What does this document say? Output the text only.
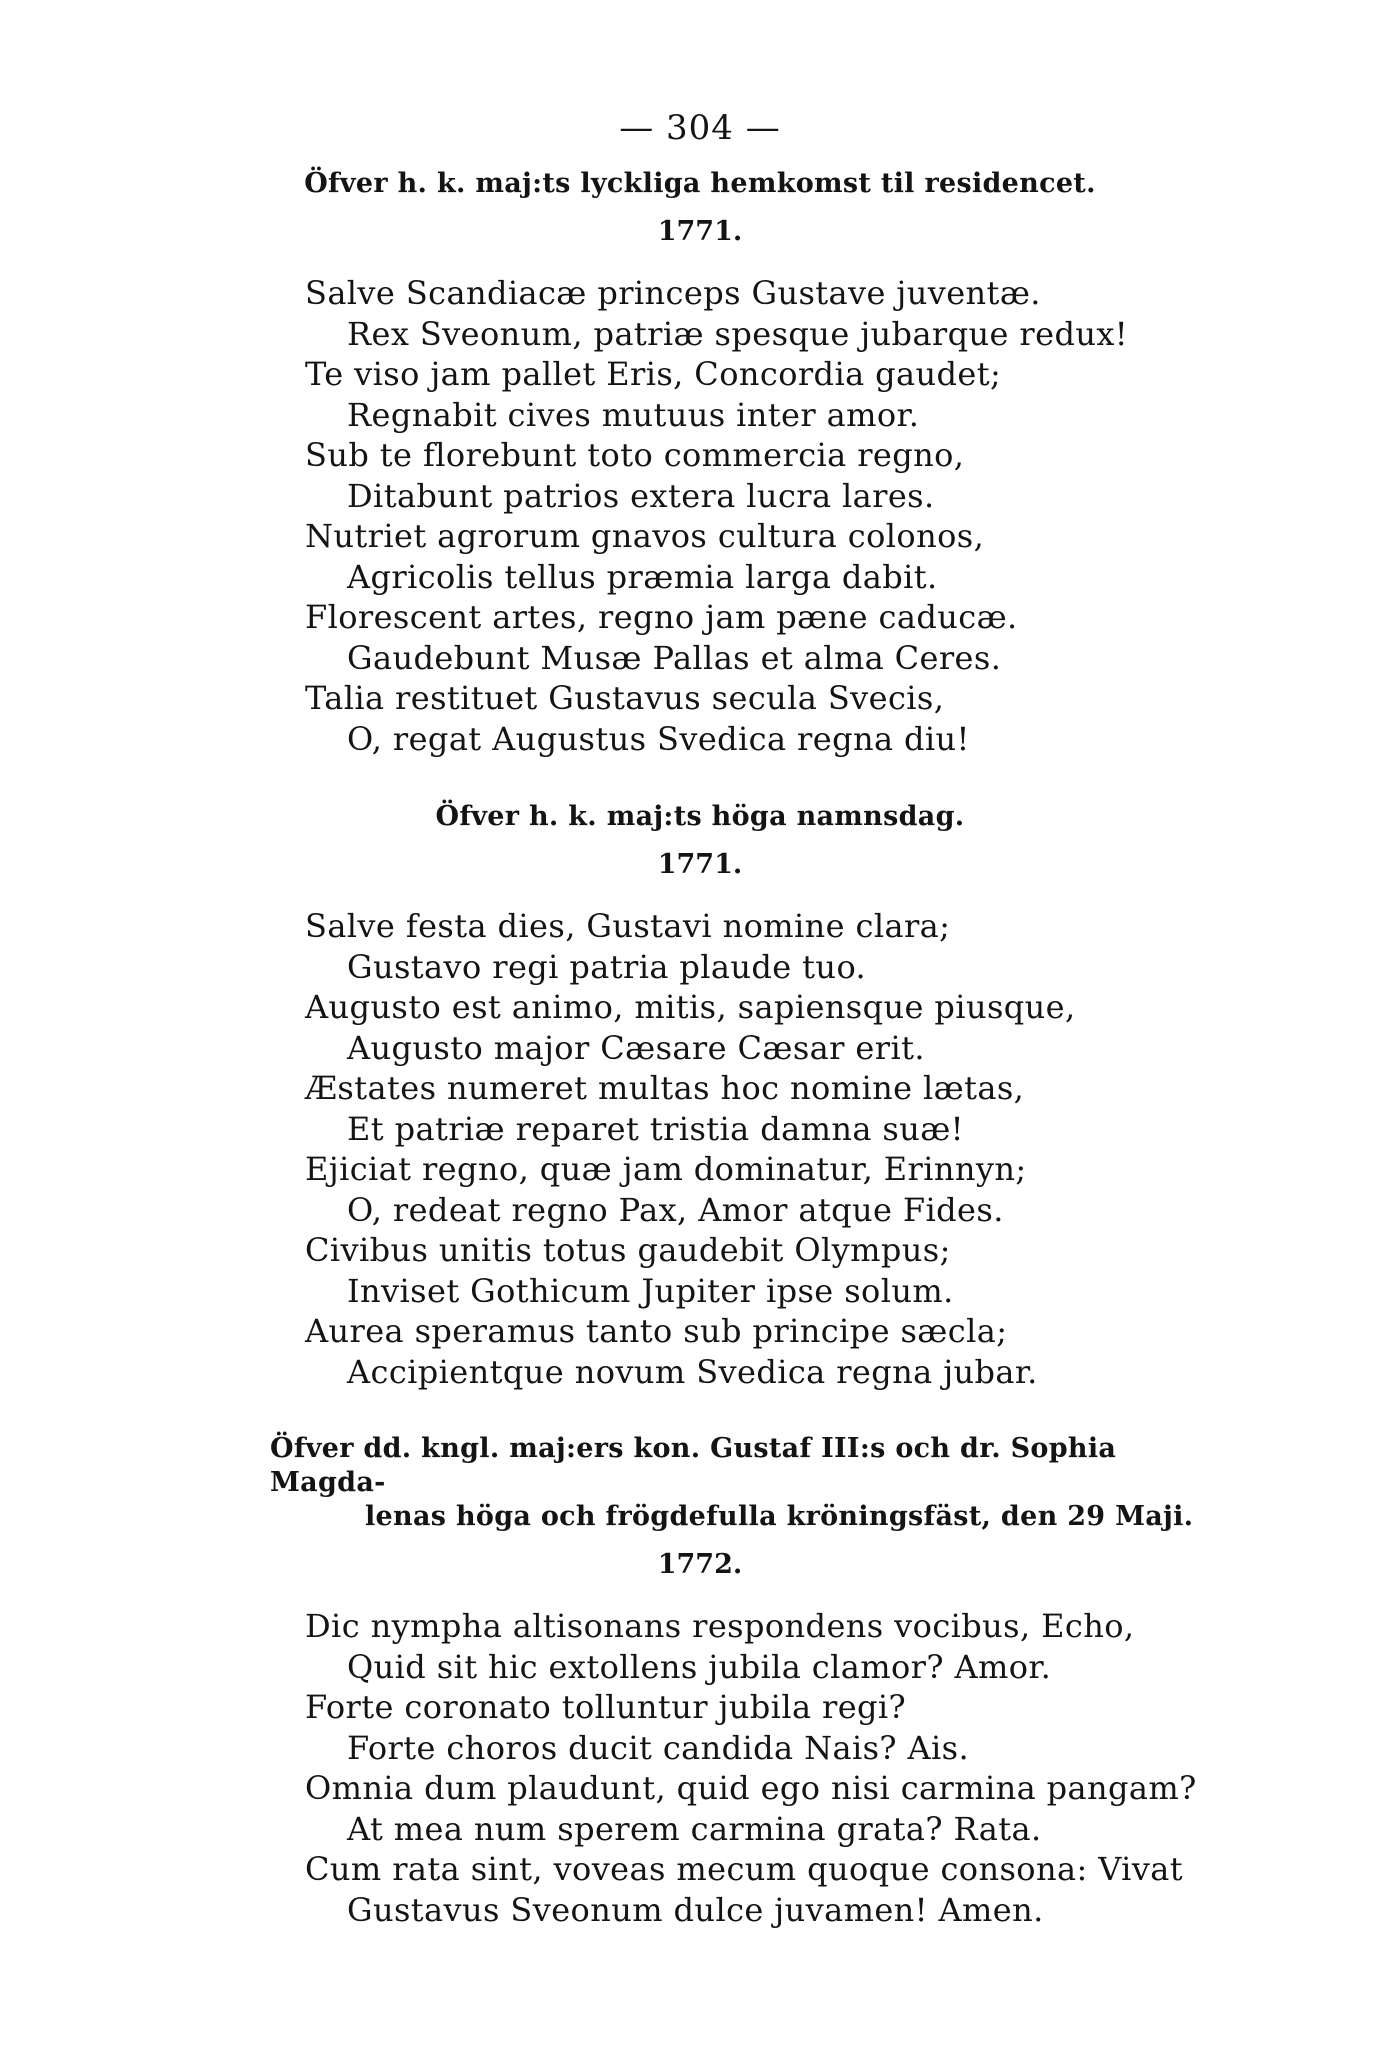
— 304 —
Öfver h. k. maj:ts lyckliga hemkomst til residencet.
1771.
Salve Scandiacæ princeps Gustave juventæ.
Rex Sveonum, patriæ spesque jubarque redux!
Te viso jam pallet Eris, Concordia gaudet;
Regnabit cives mutuus inter amor.
Sub te florebunt toto commercia regno,
Ditabunt patrios extera lucra lares.
Nutriet agrorum gnavos cultura colonos,
Agricolis tellus præmia larga dabit.
Florescent artes, regno jam pæne caducæ.
Gaudebunt Musæ Pallas et alma Ceres.
Talia restituet Gustavus secula Svecis,
O, regat Augustus Svedica regna diu!
Öfver h. k. maj:ts höga namnsdag.
1771.
Salve festa dies, Gustavi nomine clara;
Gustavo regi patria plaude tuo.
Augusto est animo, mitis, sapiensque piusque,
Augusto major Cæsare Cæsar erit.
Æstates numeret multas hoc nomine lætas,
Et patriæ reparet tristia damna suæ!
Ejiciat regno, quæ jam dominatur, Erinnyn;
O, redeat regno Pax, Amor atque Fides.
Civibus unitis totus gaudebit Olympus;
Inviset Gothicum Jupiter ipse solum.
Aurea speramus tanto sub principe sæcla;
Accipientque novum Svedica regna jubar.
Öfver dd. kngl. maj:ers kon. Gustaf III:s och dr. Sophia Magda-
lenas höga och frögdefulla kröningsfäst, den 29 Maji.
1772.
Dic nympha altisonans respondens vocibus, Echo,
Quid sit hic extollens jubila clamor? Amor.
Forte coronato tolluntur jubila regi?
Forte choros ducit candida Nais? Ais.
Omnia dum plaudunt, quid ego nisi carmina pangam?
At mea num sperem carmina grata? Rata.
Cum rata sint, voveas mecum quoque consona: Vivat
Gustavus Sveonum dulce juvamen! Amen.
